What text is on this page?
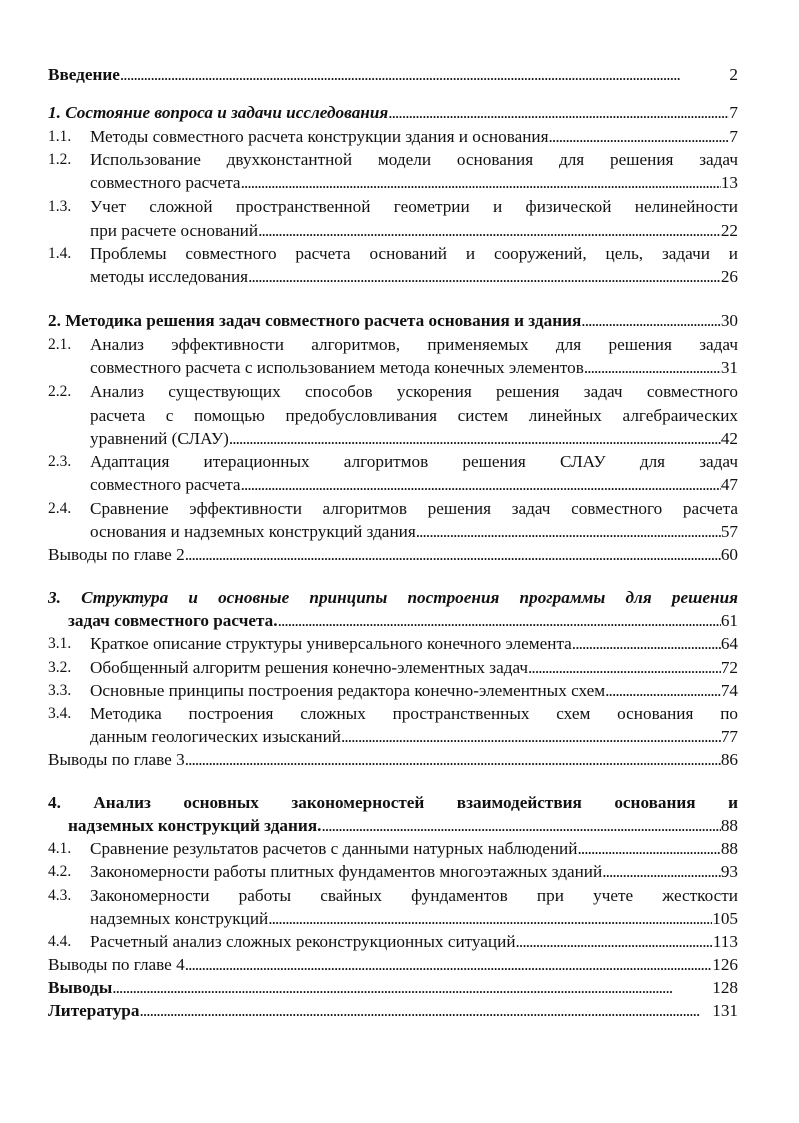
Введение . . .	2
1. Состояние вопроса и задачи исследования . . .	7
1.1. Методы совместного расчета конструкции здания и основания . . .	7
1.2. Использование двухконстантной модели основания для решения задач
совместного расчета . . .	13
1.3. Учет сложной пространственной геометрии и физической нелинейности
при расчете оснований . . .	22
1.4. Проблемы совместного расчета оснований и сооружений, цель, задачи и
методы исследования . . .	26
2. Методика решения задач совместного расчета основания и здания . . .	30
2.1. Анализ эффективности алгоритмов, применяемых для решения задач
совместного расчета с использованием метода конечных элементов . . .	31
2.2. Анализ существующих способов ускорения решения задач совместного
расчета с помощью предобусловливания систем линейных алгебраических
уравнений (СЛАУ) . . .	42
2.3. Адаптация итерационных алгоритмов решения СЛАУ для задач
совместного расчета . . .	47
2.4. Сравнение эффективности алгоритмов решения задач совместного расчета
основания и надземных конструкций здания . . .	57
Выводы по главе 2 . . .	60
3. Структура и основные принципы построения программы для решения
задач совместного расчета. . . .	61
3.1. Краткое описание структуры универсального конечного элемента . . .	64
3.2. Обобщенный алгоритм решения конечно-элементных задач . . .	72
3.3. Основные принципы построения редактора конечно-элементных схем . . .	74
3.4. Методика построения сложных пространственных схем основания по
данным геологических изысканий . . .	77
Выводы по главе 3 . . .	86
4. Анализ основных закономерностей взаимодействия основания и
надземных конструкций здания. . . .	88
4.1. Сравнение результатов расчетов с данными натурных наблюдений . . .	88
4.2. Закономерности работы плитных фундаментов многоэтажных зданий . . .	93
4.3. Закономерности работы свайных фундаментов при учете жесткости
надземных конструкций . . .	105
4.4. Расчетный анализ сложных реконструкционных ситуаций . . .	113
Выводы по главе 4 . . .	126
Выводы . . .	128
Литература . . .	131
